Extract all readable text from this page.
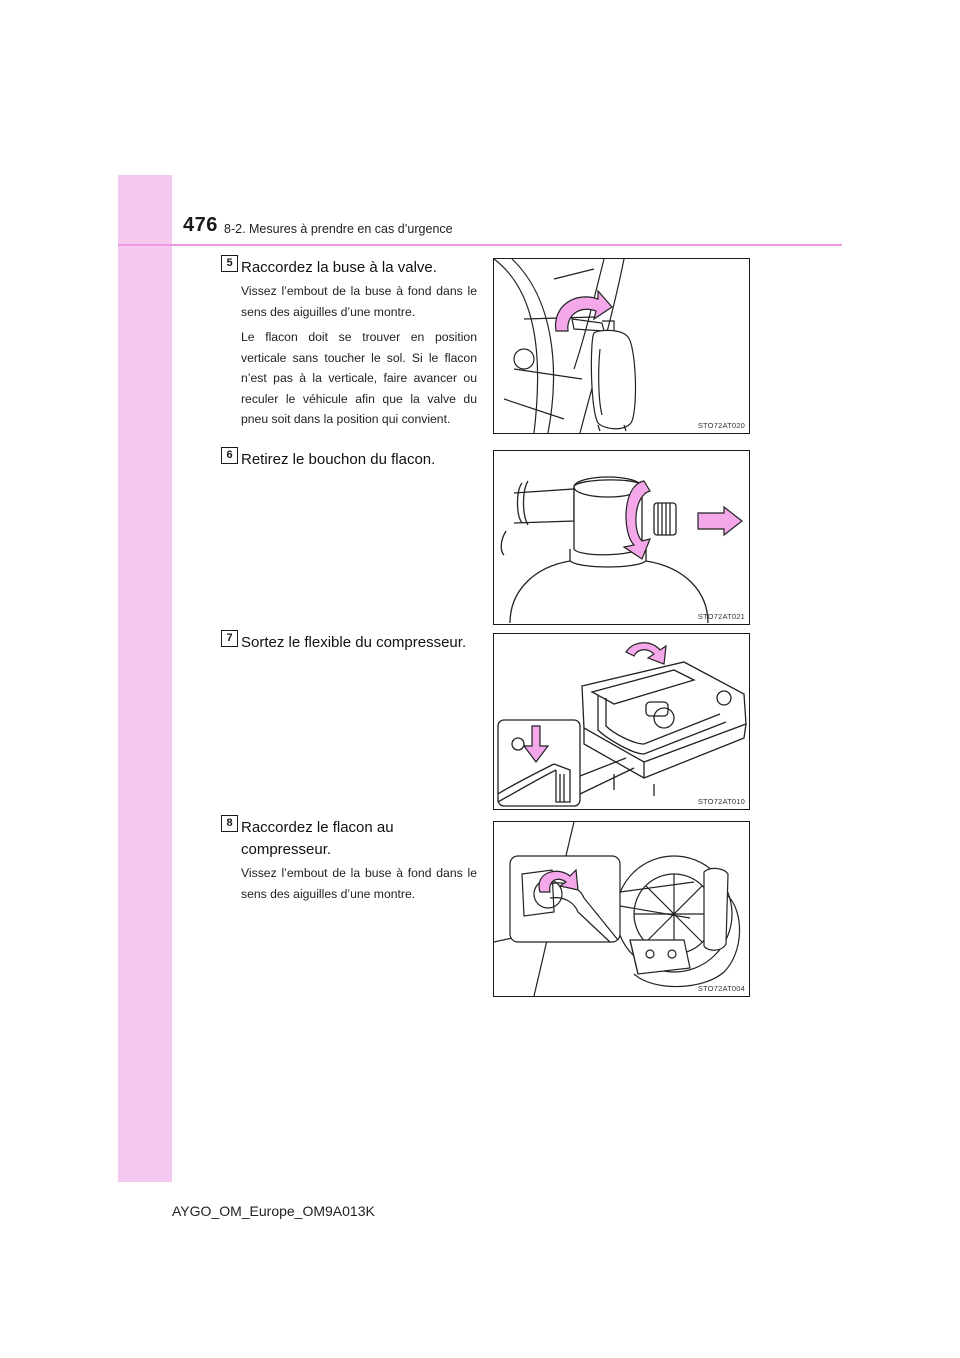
476 8-2. Mesures à prendre en cas d’urgence
5 Raccordez la buse à la valve.

Vissez l’embout de la buse à fond dans le sens des aiguilles d’une montre.

Le flacon doit se trouver en position verticale sans toucher le sol. Si le flacon n’est pas à la verticale, faire avancer ou reculer le véhicule afin que la valve du pneu soit dans la position qui convient.	STO72AT020
6 Retirez le bouchon du flacon.
STO72AT021
7 Sortez le flexible du compresseur.
STO72AT010
8 Raccordez le flacon au compresseur.

Vissez l’embout de la buse à fond dans le sens des aiguilles d’une montre.

STO72AT004
AYGO_OM_Europe_OM9A013K
